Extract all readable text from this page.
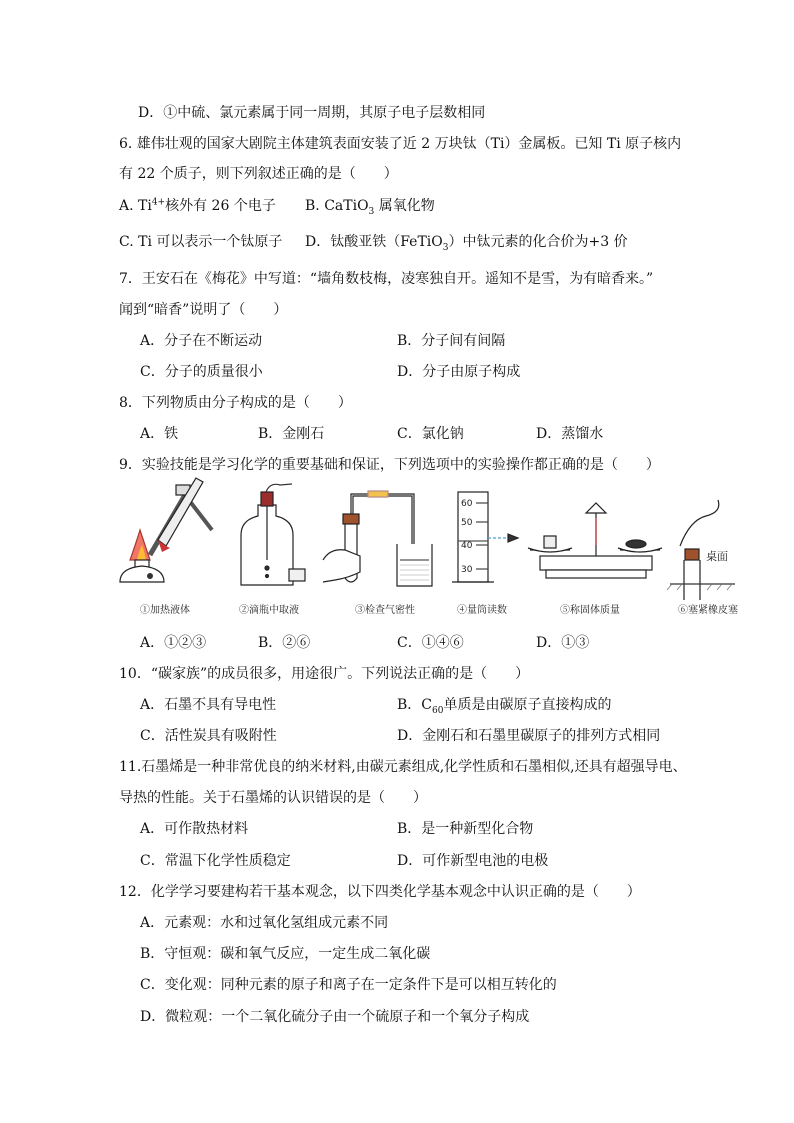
D．①中硫、氯元素属于同一周期，其原子电子层数相同
6. 雄伟壮观的国家大剧院主体建筑表面安装了近 2 万块钛（Ti）金属板。已知 Ti 原子核内
有 22 个质子，则下列叙述正确的是（　　）
A. $Ti^{4+}$核外有 26 个电子 B. CaTiO$_3$ 属氧化物
C. Ti 可以表示一个钛原子 D．钛酸亚铁（FeTiO$_3$）中钛元素的化合价为+3 价
7．王安石在《梅花》中写道：“墙角数枝梅，凌寒独自开。遥知不是雪，为有暗香来。”
闻到“暗香”说明了（　　）
A．分子在不断运动	B．分子间有间隔
C．分子的质量很小	D．分子由原子构成
8．下列物质由分子构成的是（　　）
A．铁	B．金刚石	C．氯化钠	D．蒸馏水
9．实验技能是学习化学的重要基础和保证，下列选项中的实验操作都正确的是（　　）
60
50
40
30
桌面
①加热液体	②滴瓶中取液	③检查气密性	④量筒读数	⑤称固体质量	⑥塞紧橡皮塞
A．①②③	B．②⑥	C．①④⑥	D．①③
10．“碳家族”的成员很多，用途很广。下列说法正确的是（　　）
A．石墨不具有导电性	B．$C_{60}$单质是由碳原子直接构成的
C．活性炭具有吸附性	D．金刚石和石墨里碳原子的排列方式相同
11.石墨烯是一种非常优良的纳米材料,由碳元素组成,化学性质和石墨相似,还具有超强导电、
导热的性能。关于石墨烯的认识错误的是（　　）
A．可作散热材料	B．是一种新型化合物
C．常温下化学性质稳定	D．可作新型电池的电极
12．化学学习要建构若干基本观念，以下四类化学基本观念中认识正确的是（　　）
A．元素观：水和过氧化氢组成元素不同
B．守恒观：碳和氧气反应，一定生成二氧化碳
C．变化观：同种元素的原子和离子在一定条件下是可以相互转化的
D．微粒观：一个二氧化硫分子由一个硫原子和一个氧分子构成
